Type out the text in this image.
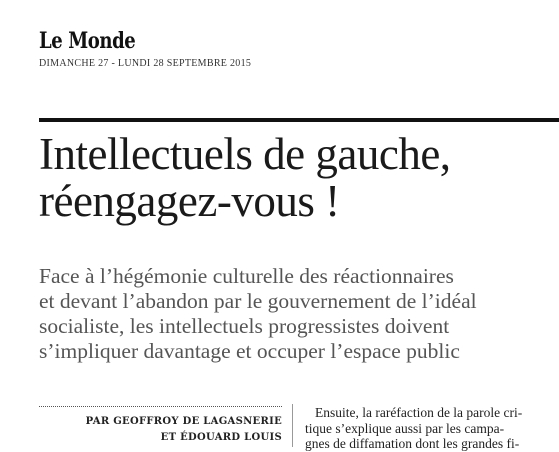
Le Monde
DIMANCHE 27 - LUNDI 28 SEPTEMBRE 2015
Intellectuels de gauche,
réengagez-vous !

Face à l’hégémonie culturelle des réactionnaires
et devant l’abandon par le gouvernement de l’idéal
socialiste, les intellectuels progressistes doivent
s’impliquer davantage et occuper l’espace public

PAR GEOFFROY DE LAGASNERIE
ET ÉDOUARD LOUIS
Ensuite, la raréfaction de la parole cri-
tique s’explique aussi par les campa-
gnes de diffamation dont les grandes fi-
